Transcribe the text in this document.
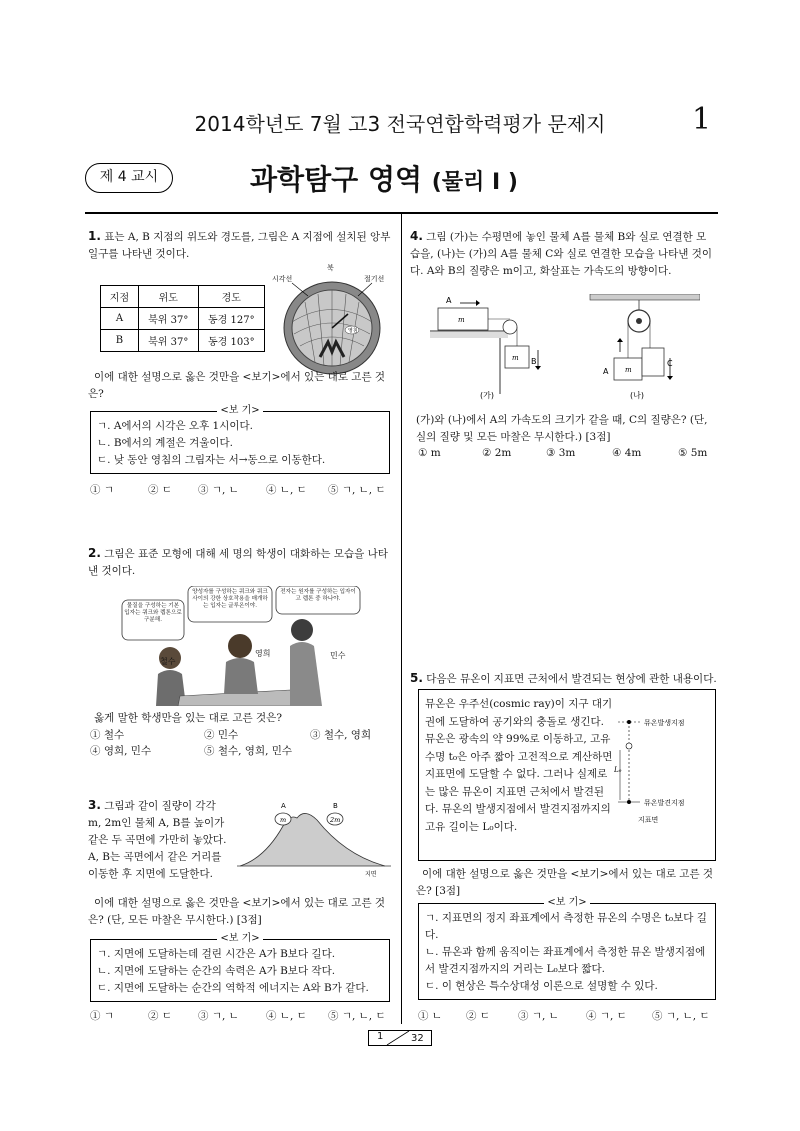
2014학년도 7월 고3 전국연합학력평가 문제지	1
제 4 교시	과학탐구 영역 (물리 I )
1. 표는 A, B 지점의 위도와 경도를, 그림은 A 지점에 설치된 앙부일구를 나타낸 것이다.
지점	위도	경도
A	북위 37°	동경 127°
B	북위 37°	동경 103°
영침
북
시각선	절기선
이에 대한 설명으로 옳은 것만을 <보기>에서 있는 대로 고른 것은?
<보 기>
ㄱ. A에서의 시각은 오후 1시이다.
ㄴ. B에서의 계절은 겨울이다.
ㄷ. 낮 동안 영침의 그림자는 서→동으로 이동한다.
① ㄱ	② ㄷ	③ ㄱ, ㄴ	④ ㄴ, ㄷ	⑤ ㄱ, ㄴ, ㄷ
2. 그림은 표준 모형에 대해 세 명의 학생이 대화하는 모습을 나타낸 것이다.
물질을 구성하는 기본 입자는 쿼크와 렙톤으로 구분해.
양성자를 구성하는 쿼크와 쿼크 사이의 강한 상호작용을 매개하는 입자는 글루온이야.
전자는 원자를 구성하는 입자이고 렙톤 중 하나야.
철수
영희	민수
옳게 말한 학생만을 있는 대로 고른 것은?
① 철수	② 민수	③ 철수, 영희
④ 영희, 민수	⑤ 철수, 영희, 민수
3. 그림과 같이 질량이 각각 m, 2m인 물체 A, B를 높이가 같은 두 곡면에 가만히 놓았다. A, B는 곡면에서 같은 거리를 이동한 후 지면에 도달한다.
A	B
m	2m
지면
이에 대한 설명으로 옳은 것만을 <보기>에서 있는 대로 고른 것은? (단, 모든 마찰은 무시한다.) [3점]
<보 기>
ㄱ. 지면에 도달하는데 걸린 시간은 A가 B보다 길다.
ㄴ. 지면에 도달하는 순간의 속력은 A가 B보다 작다.
ㄷ. 지면에 도달하는 순간의 역학적 에너지는 A와 B가 같다.
① ㄱ	② ㄷ	③ ㄱ, ㄴ	④ ㄴ, ㄷ	⑤ ㄱ, ㄴ, ㄷ
4. 그림 (가)는 수평면에 놓인 물체 A를 물체 B와 실로 연결한 모습을, (나)는 (가)의 A를 물체 C와 실로 연결한 모습을 나타낸 것이다. A와 B의 질량은 m이고, 화살표는 가속도의 방향이다.
A
m
m B
(가)
A m
C
(나)
(가)와 (나)에서 A의 가속도의 크기가 같을 때, C의 질량은? (단, 실의 질량 및 모든 마찰은 무시한다.) [3점]
① m	② 2m	③ 3m	④ 4m	⑤ 5m
5. 다음은 뮤온이 지표면 근처에서 발견되는 현상에 관한 내용이다.
뮤온은 우주선(cosmic ray)이 지구 대기권에 도달하여 공기와의 충돌로 생긴다. 뮤온은 광속의 약 99%로 이동하고, 고유 수명 t₀은 아주 짧아 고전적으로 계산하면 지표면에 도달할 수 없다. 그러나 실제로는 많은 뮤온이 지표면 근처에서 발견된다. 뮤온의 발생지점에서 발견지점까지의 고유 길이는 L₀이다.
뮤온발생지점
뮤온발견지점
지표면
L₀
이에 대한 설명으로 옳은 것만을 <보기>에서 있는 대로 고른 것은? [3점]
<보 기>
ㄱ. 지표면의 정지 좌표계에서 측정한 뮤온의 수명은 t₀보다 길다.
ㄴ. 뮤온과 함께 움직이는 좌표계에서 측정한 뮤온 발생지점에서 발견지점까지의 거리는 L₀보다 짧다.
ㄷ. 이 현상은 특수상대성 이론으로 설명할 수 있다.
① ㄴ	② ㄷ	③ ㄱ, ㄴ	④ ㄱ, ㄷ	⑤ ㄱ, ㄴ, ㄷ
1	32
